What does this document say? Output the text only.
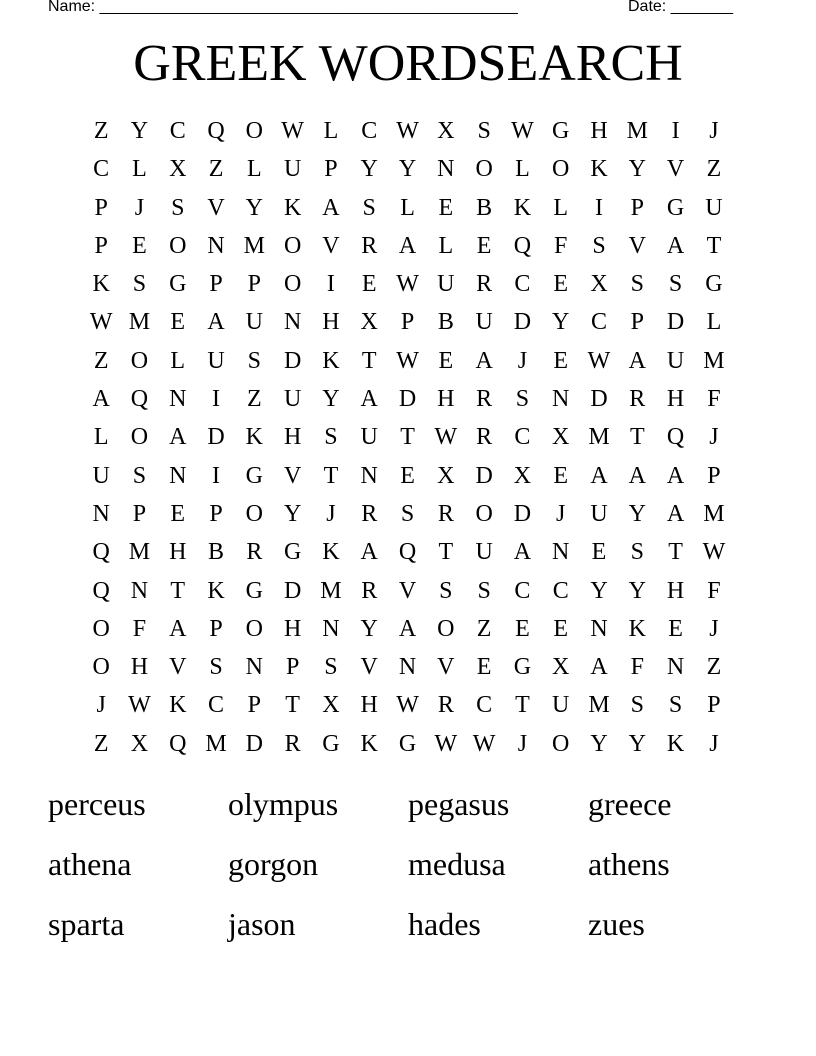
Name: _______________________________________________	Date: _______
GREEK WORDSEARCH
Z Y C Q O W L C W X S W G H M I	J
C L X Z L U P Y Y N O L O K Y V Z
P	J	S V Y K A S	L E B K L	I	P G U
P	E O N M O V R A L E Q F	S V A T
K S G P	P O	I	E W U R C E X S	S G
W M E A U N H X P B U D Y C P D L
Z O L U S D K T W E A	J	E W A U M
A Q N	I	Z U Y A D H R S N D R H F
L O A D K H S U T W R C X M T Q	J
U S N	I	G V T N E X D X E A A A P
N P	E	P O Y	J	R S R O D	J	U Y A M
Q M H B R G K A Q T U A N E	S	T W
Q N T K G D M R V S	S C C Y Y H F
O F A P O H N Y A O Z E E N K E	J
O H V S N P	S V N V E G X A F N Z
J W K C P	T X H W R C T U M S	S	P
Z X Q M D R G K G W W J	O Y Y K	J
perceus	olympus	pegasus	greece
athena	gorgon	medusa	athens
sparta	jason	hades	zues
